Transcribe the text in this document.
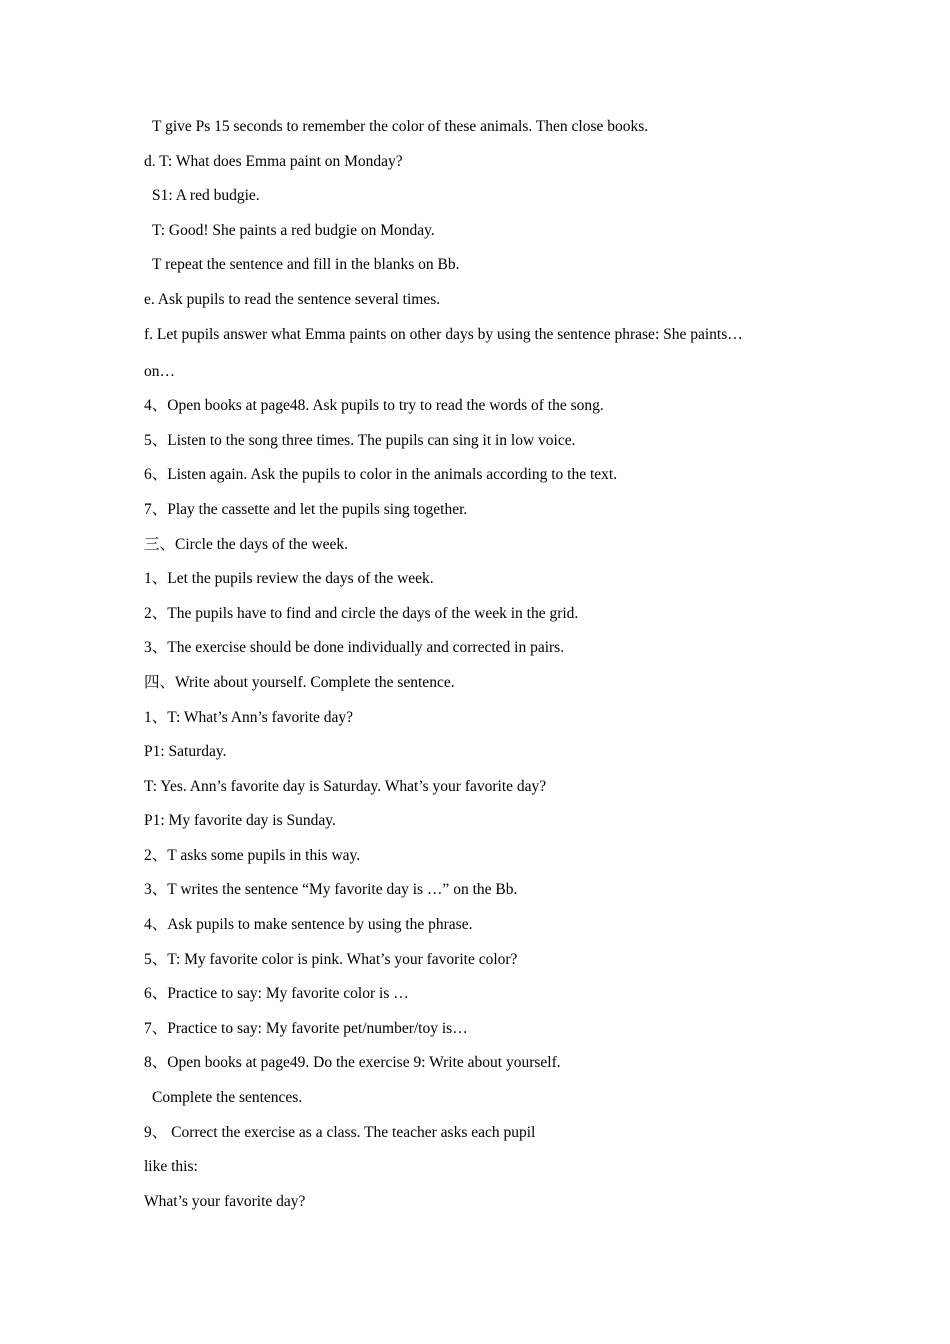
T give Ps 15 seconds to remember the color of these animals. Then close books.
d. T: What does Emma paint on Monday?
S1: A red budgie.
T: Good! She paints a red budgie on Monday.
T repeat the sentence and fill in the blanks on Bb.
e. Ask pupils to read the sentence several times.
f. Let pupils answer what Emma paints on other days by using the sentence phrase: She paints…
on…
4、Open books at page48. Ask pupils to try to read the words of the song.
5、Listen to the song three times. The pupils can sing it in low voice.
6、Listen again. Ask the pupils to color in the animals according to the text.
7、Play the cassette and let the pupils sing together.
三、Circle the days of the week.
1、Let the pupils review the days of the week.
2、The pupils have to find and circle the days of the week in the grid.
3、The exercise should be done individually and corrected in pairs.
四、Write about yourself. Complete the sentence.
1、T: What’s Ann’s favorite day?
P1: Saturday.
T: Yes. Ann’s favorite day is Saturday. What’s your favorite day?
P1: My favorite day is Sunday.
2、T asks some pupils in this way.
3、T writes the sentence “My favorite day is …” on the Bb.
4、Ask pupils to make sentence by using the phrase.
5、T: My favorite color is pink. What’s your favorite color?
6、Practice to say: My favorite color is …
7、Practice to say: My favorite pet/number/toy is…
8、Open books at page49. Do the exercise 9: Write about yourself.
Complete the sentences.
9、 Correct the exercise as a class. The teacher asks each pupil
like this:
What’s your favorite day?
